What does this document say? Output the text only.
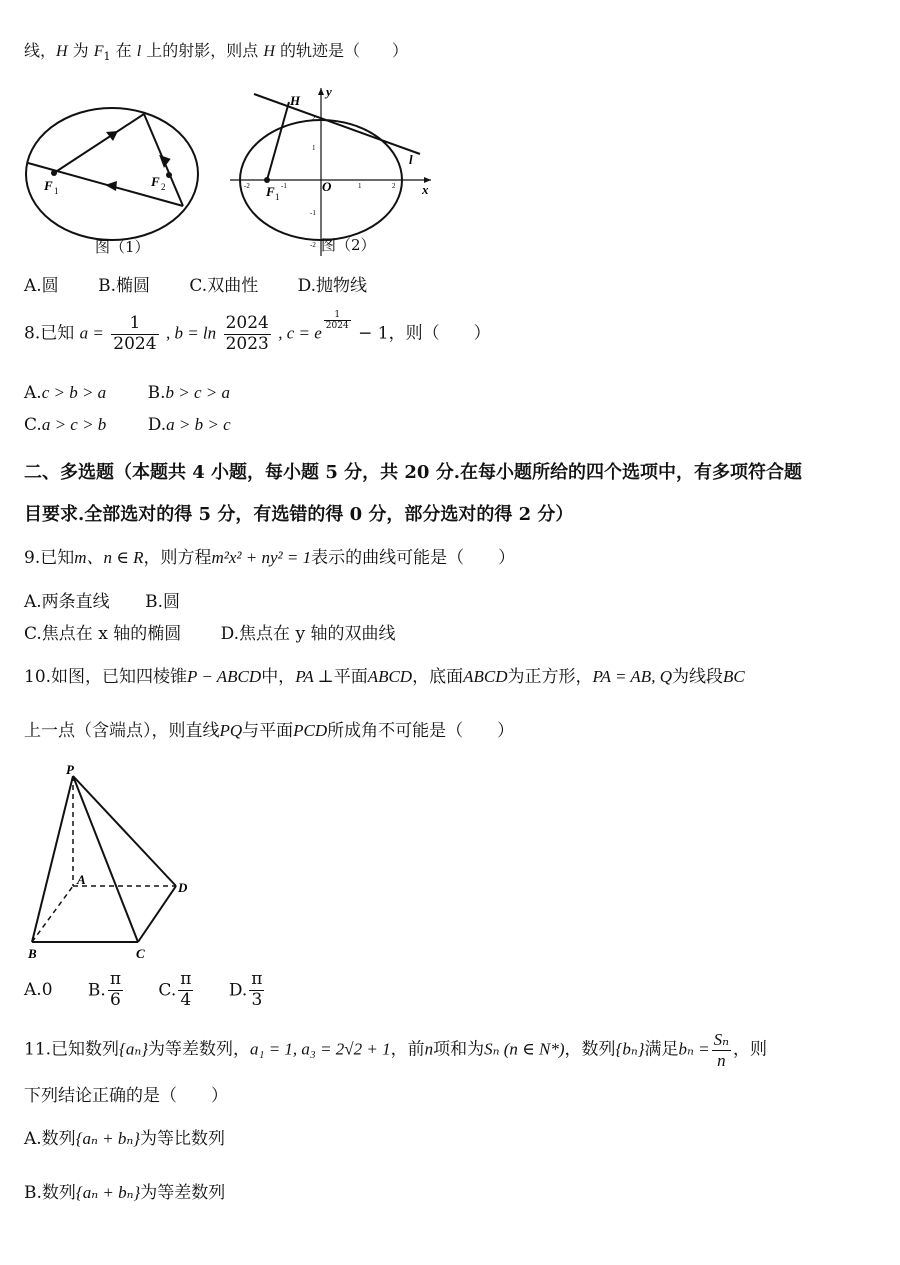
线，H 为 $F_1$ 在 l 上的射影，则点 H 的轨迹是（　　）
F 1
F 2
图（1）
-2	-1	1	2
2
1
-1
-2
H
y
x
l
F 1
O
图（2）
A.圆 B.椭圆 C.双曲性 D.抛物线
8.已知 $a = \frac{1}{2024}$ , $b = \ln \frac{2024}{2023}$ , c = e
$\frac{1}{2024}$
− 1，则（　　）
A.c > b > a B.b > c > a
C.a > c > b D.a > b > c
二、多选题（本题共 4 小题，每小题 5 分，共 20 分.在每小题所给的四个选项中，有多项符合题
目要求.全部选对的得 5 分，有选错的得 0 分，部分选对的得 2 分）
9.已知m、n ∈ R，则方程m²x² + ny² = 1表示的曲线可能是（　　）
A.两条直线 B.圆
C.焦点在 x 轴的椭圆 D.焦点在 y 轴的双曲线
10.如图，已知四棱锥P − ABCD中，PA ⊥平面ABCD，底面ABCD为正方形，PA = AB, Q为线段BC
上一点（含端点），则直线PQ与平面PCD所成角不可能是（　　）
P
A
B	C
D
A.0 B. $\frac{\pi}{6} C$. $\frac{\pi}{4} D$. $\frac{\pi}{3}$
11.已知数列{aₙ}为等差数列，a₁ = 1, a₃ = 2√2 + 1，前n项和为Sₙ (n ∈ N*)，数列{bₙ}满足$b_n = \frac{\text{Sₙ}}{n}$ ，则
下列结论正确的是（　　）
A.数列{aₙ + bₙ}为等比数列
B.数列{aₙ + bₙ}为等差数列
